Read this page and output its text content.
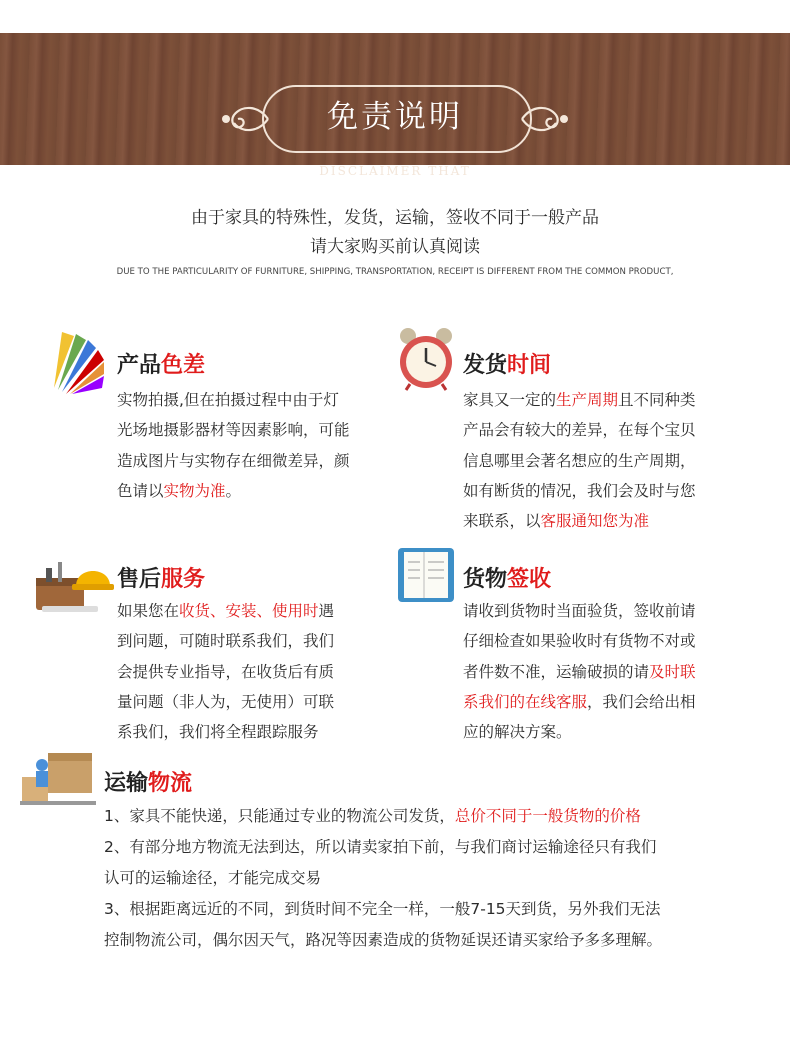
免责说明
DISCLAIMER THAT
由于家具的特殊性，发货，运输，签收不同于一般产品
请大家购买前认真阅读
DUE TO THE PARTICULARITY OF FURNITURE, SHIPPING, TRANSPORTATION, RECEIPT IS DIFFERENT FROM THE COMMON PRODUCT,
产品色差
实物拍摄,但在拍摄过程中由于灯
光场地摄影器材等因素影响，可能
造成图片与实物存在细微差异，颜
色请以实物为准。
发货时间
家具又一定的生产周期且不同种类
产品会有较大的差异，在每个宝贝
信息哪里会著名想应的生产周期，
如有断货的情况，我们会及时与您
来联系，以客服通知您为准
售后服务
如果您在收货、安装、使用时遇
到问题，可随时联系我们，我们
会提供专业指导，在收货后有质
量问题（非人为，无使用）可联
系我们，我们将全程跟踪服务
货物签收
请收到货物时当面验货，签收前请
仔细检查如果验收时有货物不对或
者件数不准，运输破损的请及时联
系我们的在线客服，我们会给出相
应的解决方案。
运输物流
1、家具不能快递，只能通过专业的物流公司发货，总价不同于一般货物的价格
2、有部分地方物流无法到达，所以请卖家拍下前，与我们商讨运输途径只有我们
认可的运输途径，才能完成交易
3、根据距离远近的不同，到货时间不完全一样，一般7-15天到货，另外我们无法
控制物流公司，偶尔因天气，路况等因素造成的货物延误还请买家给予多多理解。
